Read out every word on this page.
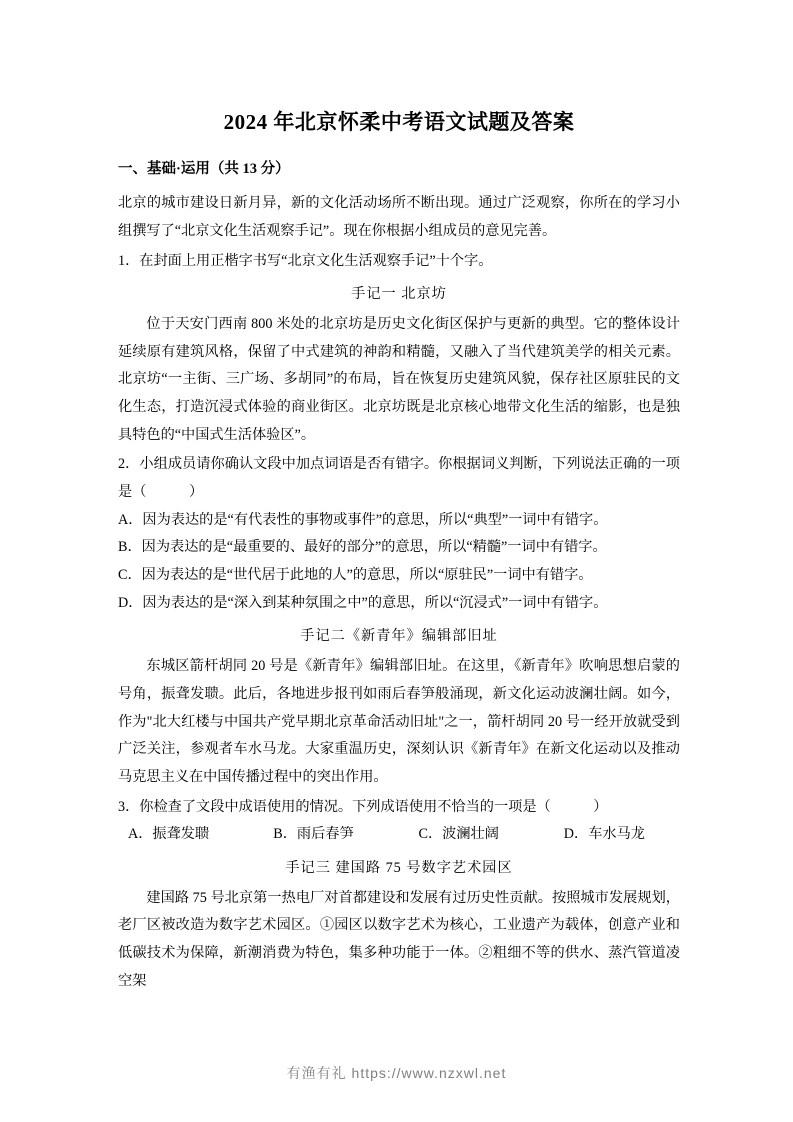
2024 年北京怀柔中考语文试题及答案
一、基础·运用（共 13 分）

北京的城市建设日新月异，新的文化活动场所不断出现。通过广泛观察，你所在的学习小组撰写了“北京文化生活观察手记”。现在你根据小组成员的意见完善。

1．在封面上用正楷字书写“北京文化生活观察手记”十个字。

手记一 北京坊

位于天安门西南 800 米处的北京坊是历史文化街区保护与更新的典型。它的整体设计延续原有建筑风格，保留了中式建筑的神韵和精髓，又融入了当代建筑美学的相关元素。北京坊“一主街、三广场、多胡同”的布局，旨在恢复历史建筑风貌，保存社区原驻民的文化生态，打造沉浸式体验的商业街区。北京坊既是北京核心地带文化生活的缩影，也是独具特色的“中国式生活体验区”。

2．小组成员请你确认文段中加点词语是否有错字。你根据词义判断，下列说法正确的一项是（　　　）

A．因为表达的是“有代表性的事物或事件”的意思，所以“典型”一词中有错字。

B．因为表达的是“最重要的、最好的部分”的意思，所以“精髓”一词中有错字。

C．因为表达的是“世代居于此地的人”的意思，所以“原驻民”一词中有错字。

D．因为表达的是“深入到某种氛围之中”的意思，所以“沉浸式”一词中有错字。

手记二《新青年》编辑部旧址

东城区箭杆胡同 20 号是《新青年》编辑部旧址。在这里，《新青年》吹响思想启蒙的号角，振聋发聩。此后，各地进步报刊如雨后春笋般涌现，新文化运动波澜壮阔。如今，作为"北大红楼与中国共产党早期北京革命活动旧址"之一，箭杆胡同 20 号一经开放就受到广泛关注，参观者车水马龙。大家重温历史，深刻认识《新青年》在新文化运动以及推动马克思主义在中国传播过程中的突出作用。

3．你检查了文段中成语使用的情况。下列成语使用不恰当的一项是（　　　）

A．振聋发聩	B．雨后春笋	C．波澜壮阔	D．车水马龙

手记三 建国路 75 号数字艺术园区

建国路 75 号北京第一热电厂对首都建设和发展有过历史性贡献。按照城市发展规划，老厂区被改造为数字艺术园区。①园区以数字艺术为核心，工业遗产为载体，创意产业和低碳技术为保障，新潮消费为特色，集多种功能于一体。②粗细不等的供水、蒸汽管道凌空架

有渔有礼 https://www.nzxwl.net
